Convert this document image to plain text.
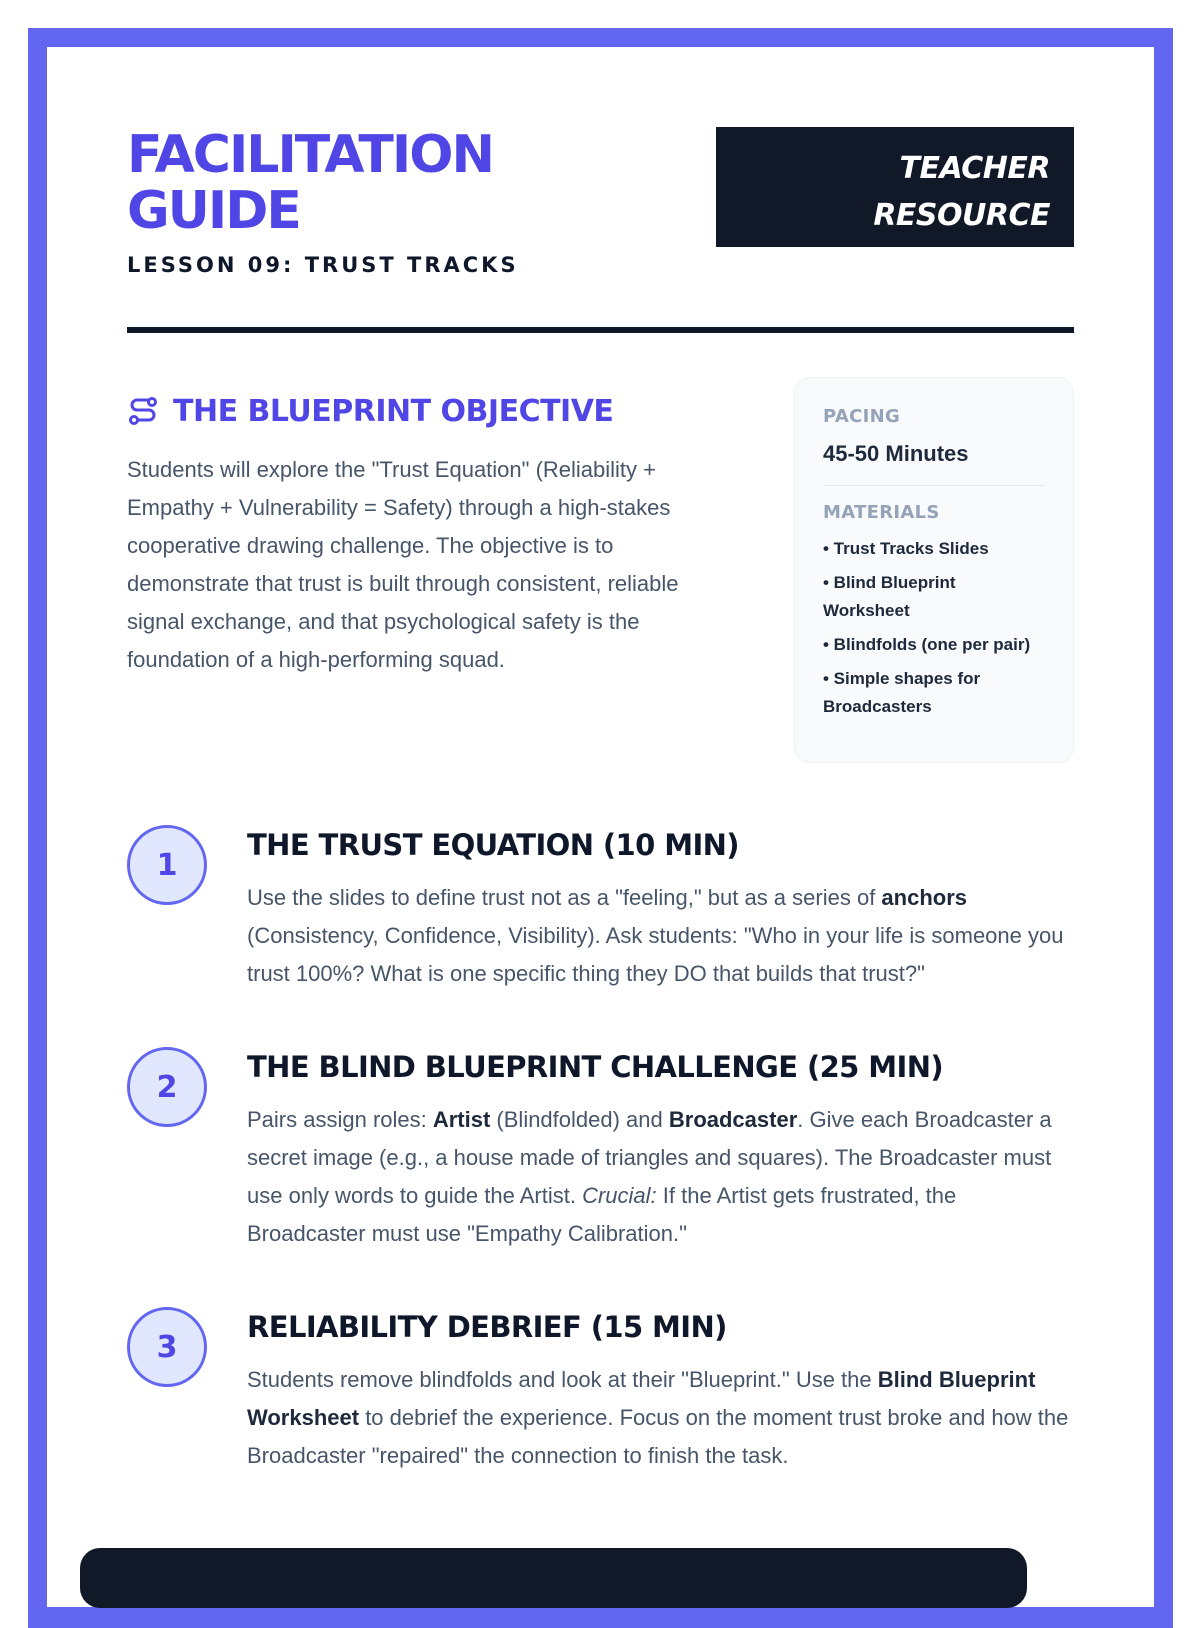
FACILITATION
GUIDE
LESSON 09: TRUST TRACKS
TEACHER
RESOURCE
THE BLUEPRINT OBJECTIVE

Students will explore the "Trust Equation" (Reliability + Empathy + Vulnerability = Safety) through a high-stakes cooperative drawing challenge. The objective is to demonstrate that trust is built through consistent, reliable signal exchange, and that psychological safety is the foundation of a high-performing squad.

PACING
45-50 Minutes
MATERIALS
• Trust Tracks Slides
• Blind Blueprint Worksheet
• Blindfolds (one per pair)
• Simple shapes for Broadcasters
1
THE TRUST EQUATION (10 MIN)

Use the slides to define trust not as a "feeling," but as a series of anchors (Consistency, Confidence, Visibility). Ask students: "Who in your life is someone you trust 100%? What is one specific thing they DO that builds that trust?"

2
THE BLIND BLUEPRINT CHALLENGE (25 MIN)

Pairs assign roles: Artist (Blindfolded) and Broadcaster. Give each Broadcaster a secret image (e.g., a house made of triangles and squares). The Broadcaster must use only words to guide the Artist. Crucial: If the Artist gets frustrated, the Broadcaster must use "Empathy Calibration."

3
RELIABILITY DEBRIEF (15 MIN)

Students remove blindfolds and look at their "Blueprint." Use the Blind Blueprint Worksheet to debrief the experience. Focus on the moment trust broke and how the Broadcaster "repaired" the connection to finish the task.
